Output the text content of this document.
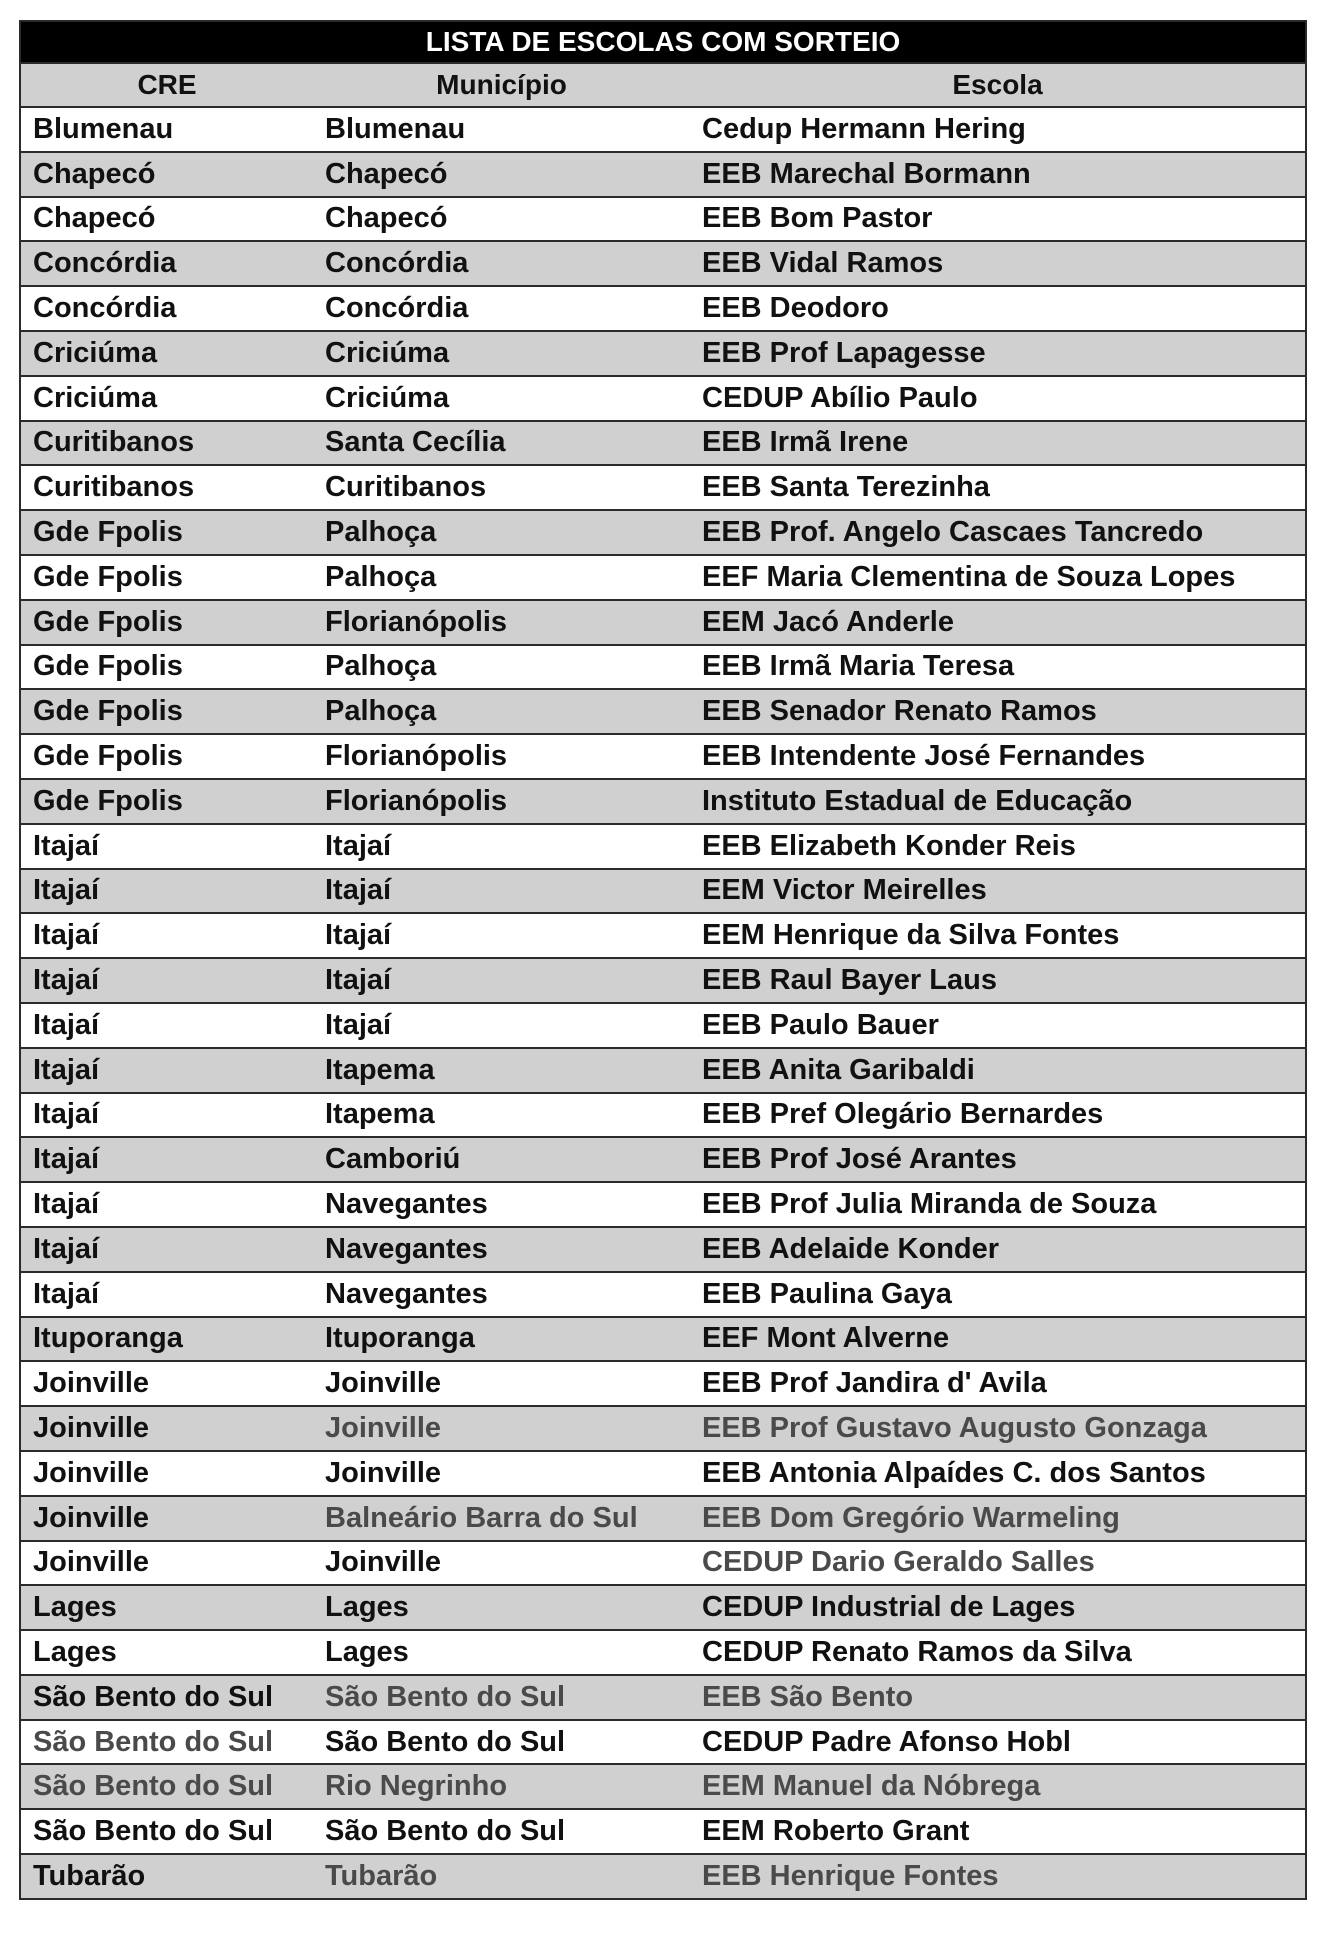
LISTA DE ESCOLAS COM SORTEIO		
CRE	Município	Escola
Blumenau	Blumenau	Cedup Hermann Hering
Chapecó	Chapecó	EEB Marechal Bormann
Chapecó	Chapecó	EEB Bom Pastor
Concórdia	Concórdia	EEB Vidal Ramos
Concórdia	Concórdia	EEB Deodoro
Criciúma	Criciúma	EEB Prof Lapagesse
Criciúma	Criciúma	CEDUP Abílio Paulo
Curitibanos	Santa Cecília	EEB Irmã Irene
Curitibanos	Curitibanos	EEB Santa Terezinha
Gde Fpolis	Palhoça	EEB Prof. Angelo Cascaes Tancredo
Gde Fpolis	Palhoça	EEF Maria Clementina de Souza Lopes
Gde Fpolis	Florianópolis	EEM Jacó Anderle
Gde Fpolis	Palhoça	EEB Irmã Maria Teresa
Gde Fpolis	Palhoça	EEB Senador Renato Ramos
Gde Fpolis	Florianópolis	EEB Intendente José Fernandes
Gde Fpolis	Florianópolis	Instituto Estadual de Educação
Itajaí	Itajaí	EEB Elizabeth Konder Reis
Itajaí	Itajaí	EEM Victor Meirelles
Itajaí	Itajaí	EEM Henrique da Silva Fontes
Itajaí	Itajaí	EEB Raul Bayer Laus
Itajaí	Itajaí	EEB Paulo Bauer
Itajaí	Itapema	EEB Anita Garibaldi
Itajaí	Itapema	EEB Pref Olegário Bernardes
Itajaí	Camboriú	EEB Prof José Arantes
Itajaí	Navegantes	EEB Prof Julia Miranda de Souza
Itajaí	Navegantes	EEB Adelaide Konder
Itajaí	Navegantes	EEB Paulina Gaya
Ituporanga	Ituporanga	EEF Mont Alverne
Joinville	Joinville	EEB Prof Jandira d' Avila
Joinville	Joinville	EEB Prof Gustavo Augusto Gonzaga
Joinville	Joinville	EEB Antonia Alpaídes C. dos Santos
Joinville	Balneário Barra do Sul	EEB Dom Gregório Warmeling
Joinville	Joinville	CEDUP Dario Geraldo Salles
Lages	Lages	CEDUP Industrial de Lages
Lages	Lages	CEDUP Renato Ramos da Silva
São Bento do Sul	São Bento do Sul	EEB São Bento
São Bento do Sul	São Bento do Sul	CEDUP Padre Afonso Hobl
São Bento do Sul	Rio Negrinho	EEM Manuel da Nóbrega
São Bento do Sul	São Bento do Sul	EEM Roberto Grant
Tubarão	Tubarão	EEB Henrique Fontes
